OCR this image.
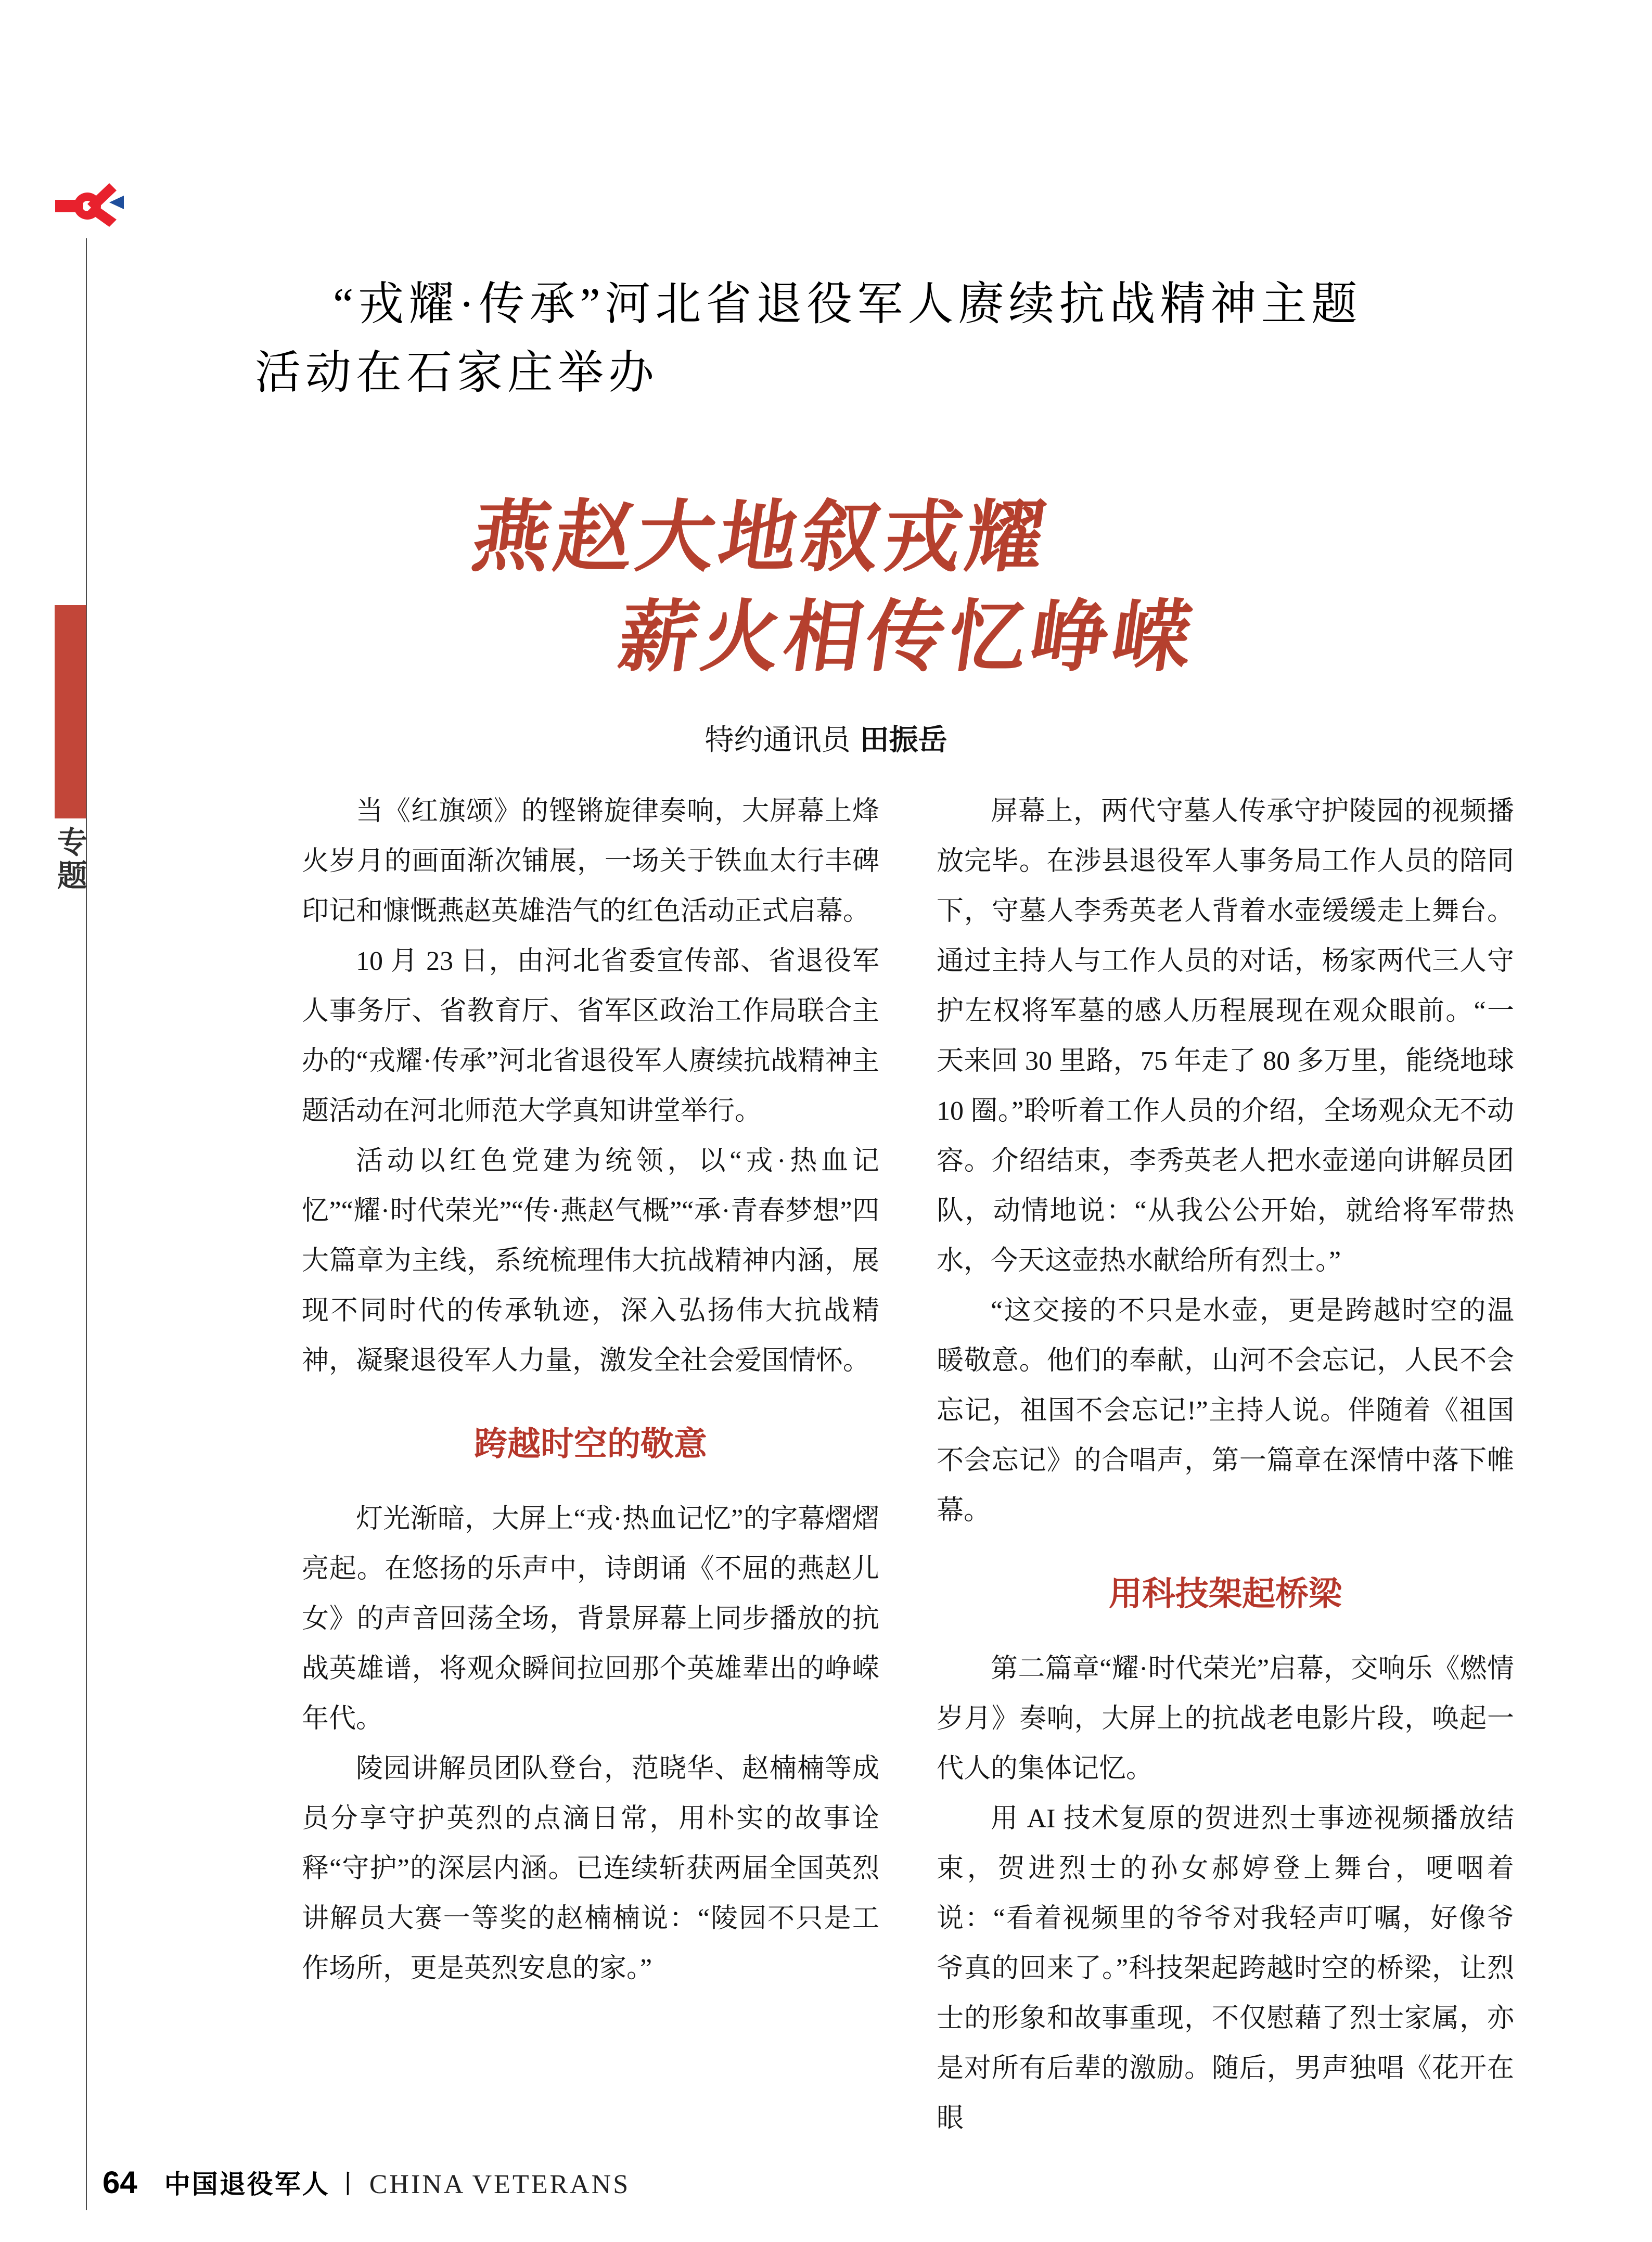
专题
“戎耀·传承”河北省退役军人赓续抗战精神主题
活动在石家庄举办
燕赵大地叙戎耀
薪火相传忆峥嵘
特约通讯员 田振岳

当《红旗颂》的铿锵旋律奏响，大屏幕上烽火岁月的画面渐次铺展，一场关于铁血太行丰碑印记和慷慨燕赵英雄浩气的红色活动正式启幕。

10 月 23 日，由河北省委宣传部、省退役军人事务厅、省教育厅、省军区政治工作局联合主办的“戎耀·传承”河北省退役军人赓续抗战精神主题活动在河北师范大学真知讲堂举行。

活动以红色党建为统领，以“戎·热血记忆”“耀·时代荣光”“传·燕赵气概”“承·青春梦想”四大篇章为主线，系统梳理伟大抗战精神内涵，展现不同时代的传承轨迹，深入弘扬伟大抗战精神，凝聚退役军人力量，激发全社会爱国情怀。

跨越时空的敬意

灯光渐暗，大屏上“戎·热血记忆”的字幕熠熠亮起。在悠扬的乐声中，诗朗诵《不屈的燕赵儿女》的声音回荡全场，背景屏幕上同步播放的抗战英雄谱，将观众瞬间拉回那个英雄辈出的峥嵘年代。

陵园讲解员团队登台，范晓华、赵楠楠等成员分享守护英烈的点滴日常，用朴实的故事诠释“守护”的深层内涵。已连续斩获两届全国英烈讲解员大赛一等奖的赵楠楠说：“陵园不只是工作场所，更是英烈安息的家。”

屏幕上，两代守墓人传承守护陵园的视频播放完毕。在涉县退役军人事务局工作人员的陪同下，守墓人李秀英老人背着水壶缓缓走上舞台。通过主持人与工作人员的对话，杨家两代三人守护左权将军墓的感人历程展现在观众眼前。“一天来回 30 里路，75 年走了 80 多万里，能绕地球 10 圈。”聆听着工作人员的介绍，全场观众无不动容。介绍结束，李秀英老人把水壶递向讲解员团队，动情地说：“从我公公开始，就给将军带热水，今天这壶热水献给所有烈士。”

“这交接的不只是水壶，更是跨越时空的温暖敬意。他们的奉献，山河不会忘记，人民不会忘记，祖国不会忘记!”主持人说。伴随着《祖国不会忘记》的合唱声，第一篇章在深情中落下帷幕。

用科技架起桥梁

第二篇章“耀·时代荣光”启幕，交响乐《燃情岁月》奏响，大屏上的抗战老电影片段，唤起一代人的集体记忆。

用 AI 技术复原的贺进烈士事迹视频播放结束，贺进烈士的孙女郝婷登上舞台，哽咽着说：“看着视频里的爷爷对我轻声叮嘱，好像爷爷真的回来了。”科技架起跨越时空的桥梁，让烈士的形象和故事重现，不仅慰藉了烈士家属，亦是对所有后辈的激励。随后，男声独唱《花开在眼

64 中国退役军人 丨 CHINA VETERANS
